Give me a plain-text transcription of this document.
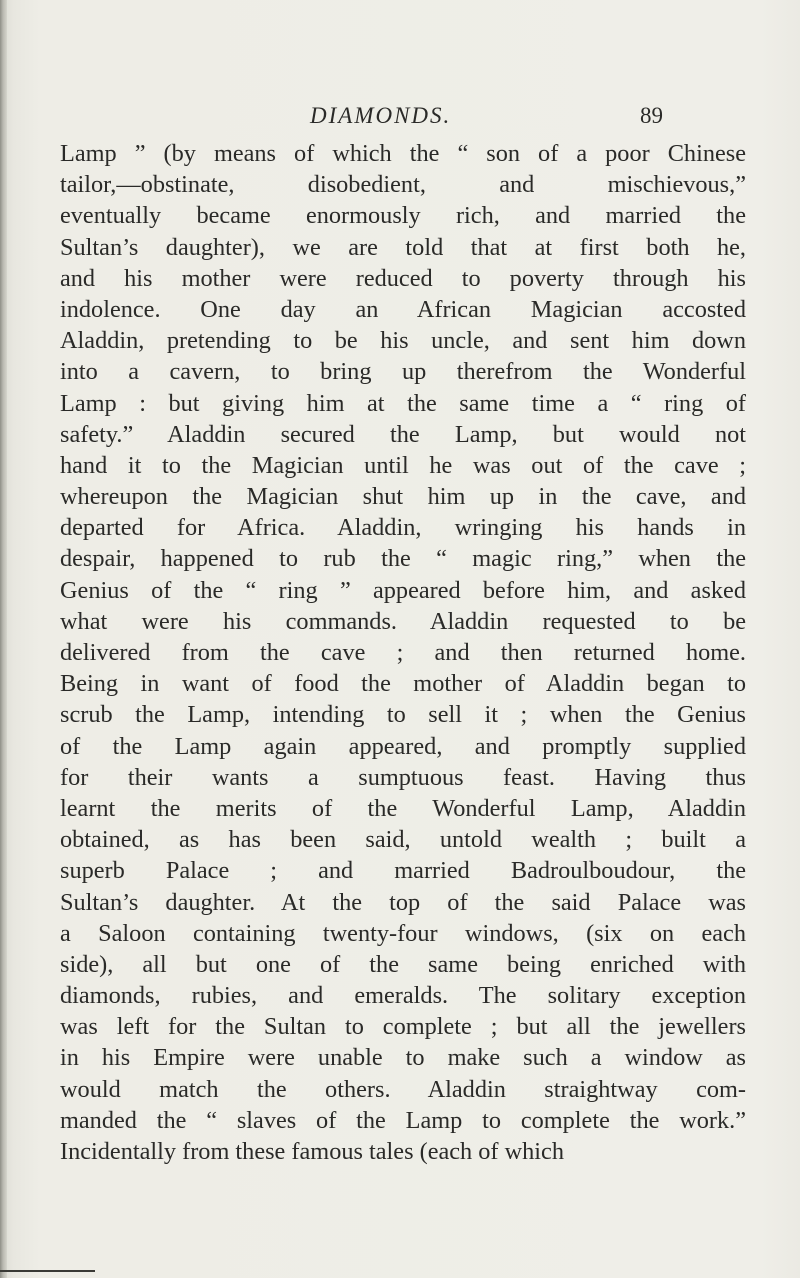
DIAMONDS.	89
Lamp ” (by means of which the “ son of a poor Chinese
tailor,—obstinate, disobedient, and mischievous,”
eventually became enormously rich, and married the
Sultan’s daughter), we are told that at first both he,
and his mother were reduced to poverty through his
indolence. One day an African Magician accosted
Aladdin, pretending to be his uncle, and sent him down
into a cavern, to bring up therefrom the Wonderful
Lamp : but giving him at the same time a “ ring of
safety.” Aladdin secured the Lamp, but would not
hand it to the Magician until he was out of the cave ;
whereupon the Magician shut him up in the cave, and
departed for Africa. Aladdin, wringing his hands in
despair, happened to rub the “ magic ring,” when the
Genius of the “ ring ” appeared before him, and asked
what were his commands. Aladdin requested to be
delivered from the cave ; and then returned home.
Being in want of food the mother of Aladdin began to
scrub the Lamp, intending to sell it ; when the Genius
of the Lamp again appeared, and promptly supplied
for their wants a sumptuous feast. Having thus
learnt the merits of the Wonderful Lamp, Aladdin
obtained, as has been said, untold wealth ; built a
superb Palace ; and married Badroulboudour, the
Sultan’s daughter. At the top of the said Palace was
a Saloon containing twenty-four windows, (six on each
side), all but one of the same being enriched with
diamonds, rubies, and emeralds. The solitary exception
was left for the Sultan to complete ; but all the jewellers
in his Empire were unable to make such a window as
would match the others. Aladdin straightway com-
manded the “ slaves of the Lamp to complete the work.”
Incidentally from these famous tales (each of which
